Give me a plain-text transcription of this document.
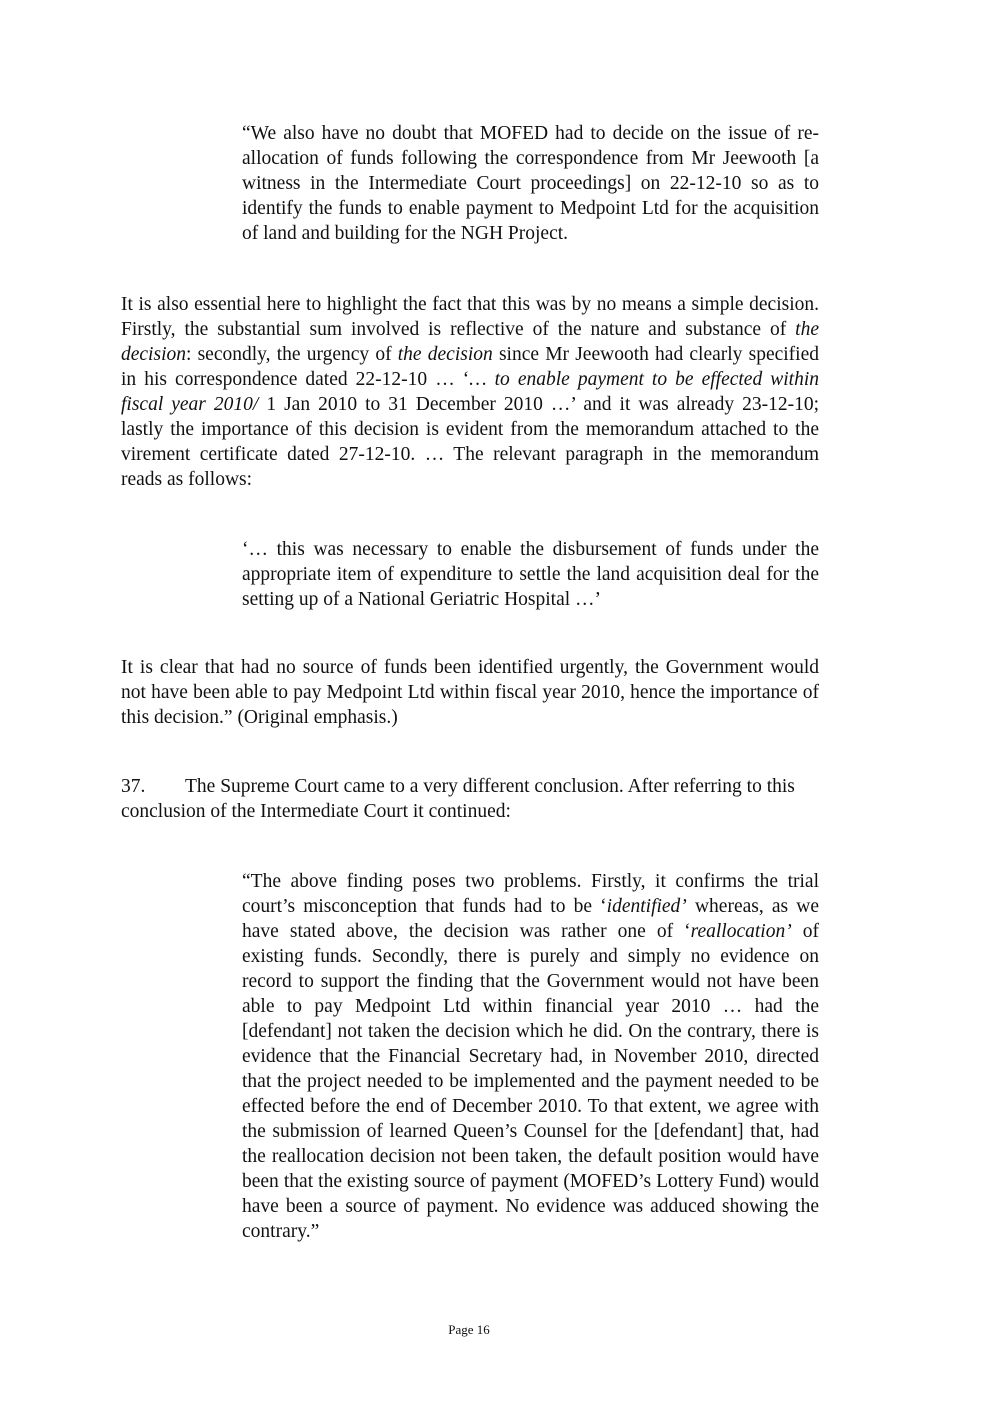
“We also have no doubt that MOFED had to decide on the issue of re-allocation of funds following the correspondence from Mr Jeewooth [a witness in the Intermediate Court proceedings] on 22-12-10 so as to identify the funds to enable payment to Medpoint Ltd for the acquisition of land and building for the NGH Project.

It is also essential here to highlight the fact that this was by no means a simple decision. Firstly, the substantial sum involved is reflective of the nature and substance of the decision: secondly, the urgency of the decision since Mr Jeewooth had clearly specified in his correspondence dated 22-12-10 … ‘… to enable payment to be effected within fiscal year 2010/ 1 Jan 2010 to 31 December 2010 …’ and it was already 23-12-10; lastly the importance of this decision is evident from the memorandum attached to the virement certificate dated 27-12-10. … The relevant paragraph in the memorandum reads as follows:

‘… this was necessary to enable the disbursement of funds under the appropriate item of expenditure to settle the land acquisition deal for the setting up of a National Geriatric Hospital …’

It is clear that had no source of funds been identified urgently, the Government would not have been able to pay Medpoint Ltd within fiscal year 2010, hence the importance of this decision.” (Original emphasis.)

37. The Supreme Court came to a very different conclusion. After referring to this conclusion of the Intermediate Court it continued:

“The above finding poses two problems. Firstly, it confirms the trial court’s misconception that funds had to be ‘identified’ whereas, as we have stated above, the decision was rather one of ‘reallocation’ of existing funds. Secondly, there is purely and simply no evidence on record to support the finding that the Government would not have been able to pay Medpoint Ltd within financial year 2010 … had the [defendant] not taken the decision which he did. On the contrary, there is evidence that the Financial Secretary had, in November 2010, directed that the project needed to be implemented and the payment needed to be effected before the end of December 2010. To that extent, we agree with the submission of learned Queen’s Counsel for the [defendant] that, had the reallocation decision not been taken, the default position would have been that the existing source of payment (MOFED’s Lottery Fund) would have been a source of payment. No evidence was adduced showing the contrary.”

Page 16
